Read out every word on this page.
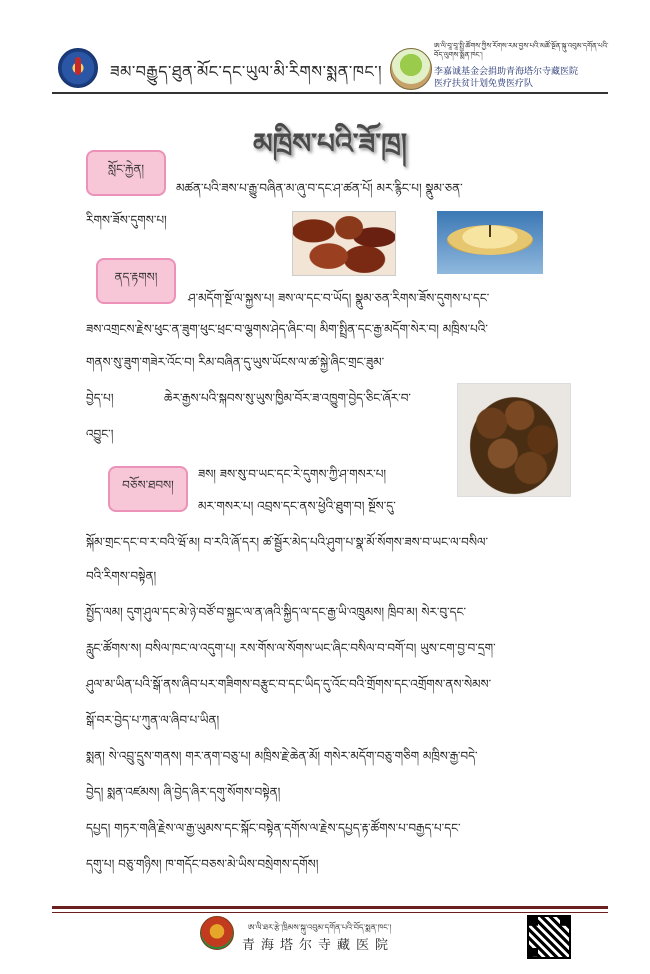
ཟམ་བརྒྱུད་ཐུན་མོང་དང་ཡུལ་མི་རིགས་སྨན་ཁང་།
ཨ་ལི་བཱ་བཱ་སྤྱི་ཚོགས་ཀྱིས་རོགས་རམ་བྱས་པའི་མཚོ་སྔོན་སྐུ་འབུམ་དགོན་པའི་བོད་ལུགས་སྨན་ཁང་།
李嘉诚基金会捐助青海塔尔寺藏医院
医疗扶贫计划免费医疗队
མཁྲིས་པའི་ཟོ་ཁྲ།
སློང་རྐྱེན།
ནད་རྟགས།
བཅོས་ཐབས།
མཚན་པའི་ཟས་པ་རྒྱུ་བཞིན་མ་ཞུ་བ་དང་ཤ་ཚན་པོ། མར་རྙིང་པ། སྣུམ་ཅན་
རིགས་ཟོས་དུགས་པ།
ཤ་མདོག་སྔོ་ལ་སྐྱས་པ། ཟས་ལ་དང་བ་ཡོད། སྣུམ་ཅན་རིགས་ཟོས་དུགས་པ་དང་
ཟས་འགྲངས་རྗེས་ཕུང་ན་ཟུག་ཕུང་ཕྲང་བ་ལྕགས་ཤེད་ཞིང་བ། མིག་སྤྲིན་དང་རྒྱ་མདོག་སེར་བ། མཁྲིས་པའི་
གནས་སུ་ཟུག་གཟེར་འོང་བ། རིམ་བཞིན་དུ་ཡུས་ཡོངས་ལ་ཚ་སྐྱེ་ཞིང་གྲང་ཟུམ་
བྱེད་པ།	ཆེར་རྒྱས་པའི་སྐབས་སུ་ཡུས་ཁྱིམ་བོར་ཟ་འཁྱུག་བྱེད་ཅིང་ཞོར་བ་
འབྱུང་།
ཟས། ཟས་སུ་བ་ཡང་དང་རེ་དུགས་ཀྱི་ཤ་གསར་པ།
མར་གསར་པ། འབྲས་དང་ནས་ཕྱེའི་ཐུག་བ། སྔོས་དུ་
སྐོམ་གྲང་དང་བ་ར་བའི་ཝོ་མ། བ་རའི་ཞོ་དར། ཚ་སྦྱོར་མེད་པའི་ཤུག་པ་སྣ་མོ་སོགས་ཟས་བ་ཡང་ལ་བསིལ་
བའི་རིགས་བསྟེན།
སྤྱོད་ལམ། དུག་ཤུལ་དང་མེ་ཉེ་བཙོ་བ་སྐྱང་ལ་ན་ཞའི་སྐྱིད་ལ་དང་རྒྱ་ཡི་འཁྲུམས། ཁྲིབ་མ། སེར་བུ་དང་
རླུང་ཚོགས་ས། བསིལ་ཁང་ལ་འདུག་པ། རས་གོས་ལ་སོགས་ཡང་ཞིང་བསིལ་བ་བགོ་བ། ཡུས་ངག་བྱ་བ་དྲག་
ཤུལ་མ་ཡིན་པའི་སྒོ་ནས་ཞིབ་པར་གཟིགས་བརྩུང་བ་དང་ཡིད་དུ་འོང་བའི་གྲོགས་དང་འགྲོགས་ནས་སེམས་
སྒོ་བར་བྱེད་པ་ཀུན་ལ་ཞིབ་པ་ཡིན།
སྨན། སེ་འབྲུ་དྲུས་གནས། གར་ནག་བཅུ་པ། མཁྲིས་རྗེ་ཆེན་མོ། གསེར་མདོག་བཅུ་གཅིག མཁྲིས་རྒྱ་བདེ་
བྱེད། སྨན་འཛམས། ཞི་བྱེད་ཞིར་དགུ་སོགས་བསྟེན།
དཔྱད། གཏར་གཞི་རྗེས་ལ་རྒྱ་ཡུམས་དང་སྐོང་བསྟེན་དགོས་ལ་རྗེས་དཔྱད་རྟ་ཚོགས་པ་བརྒྱད་པ་དང་
དགུ་པ། བཅུ་གཉིས། ཁ་གདོང་བཅས་མེ་ཡིས་བསྲེགས་དགོས།
ཨ་ལི་ཐར་རྩེ་ཁྲིམས་སྐུ་འབུམ་དགོན་པའི་བོད་སྨན་ཁང་།
青海塔尔寺藏医院
